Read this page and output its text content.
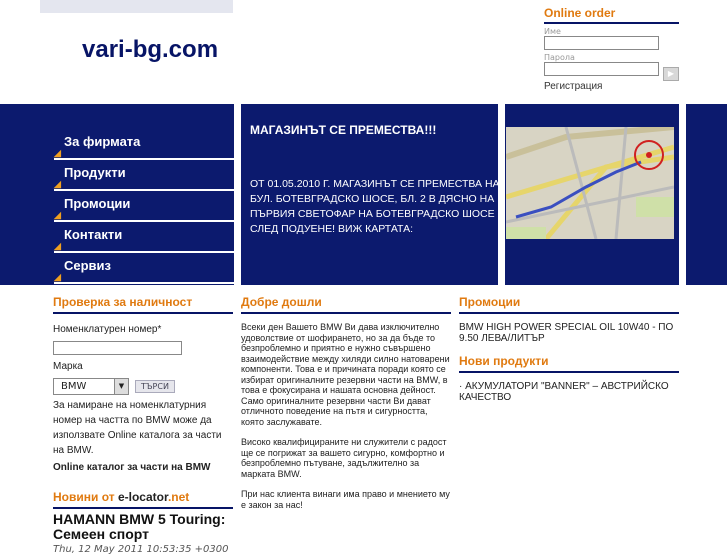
vari-bg.com
Online order
Име
Парола
▶
Регистрация
◢
За фирмата
◢
Продукти
◢
Промоции
◢
Контакти
◢
Сервиз
МАГАЗИНЪТ СЕ ПРЕМЕСТВА!!!
ОТ 01.05.2010 Г. МАГАЗИНЪТ СЕ ПРЕМЕСТВА НА БУЛ. БОТЕВГРАДСКО ШОСЕ, БЛ. 2 В ДЯСНО НА ПЪРВИЯ СВЕТОФАР НА БОТЕВГРАДСКО ШОСЕ СЛЕД ПОДУЕНЕ! ВИЖ КАРТАТА:
Проверка за наличност
Номенклатурен номер*
Марка
BMW	▼	ТЪРСИ
За намиране на номенклатурния номер на частта по BMW може да използвате Online каталога за части на BMW.
Online каталог за части на BMW
Новини от e-locator.net
HAMANN BMW 5 Touring: Семеен спорт
Thu, 12 May 2011 10:53:35 +0300
Добре дошли
Всеки ден Вашето BMW Ви дава изключително удоволствие от шофирането, но за да бъде то безпроблемно и приятно е нужно съвършено взаимодействие между хиляди силно натоварени компоненти. Това е и причината поради която се избират оригиналните резервни части на BMW, в това е фокусирана и нашата основна дейност. Само оригиналните резервни части Ви дават отличното поведение на пътя и сигурността, която заслужавате.
Високо квалифицираните ни служители с радост ще се погрижат за вашето сигурно, комфортно и безпроблемно пътуване, задължително за марката BMW.
При нас клиента винаги има право и мнението му е закон за нас!
Промоции
BMW HIGH POWER SPECIAL OIL 10W40 - ПО 9.50 ЛЕВА/ЛИТЪР
Нови продукти
· АКУМУЛАТОРИ "BANNER" – АВСТРИЙСКО КАЧЕСТВО
